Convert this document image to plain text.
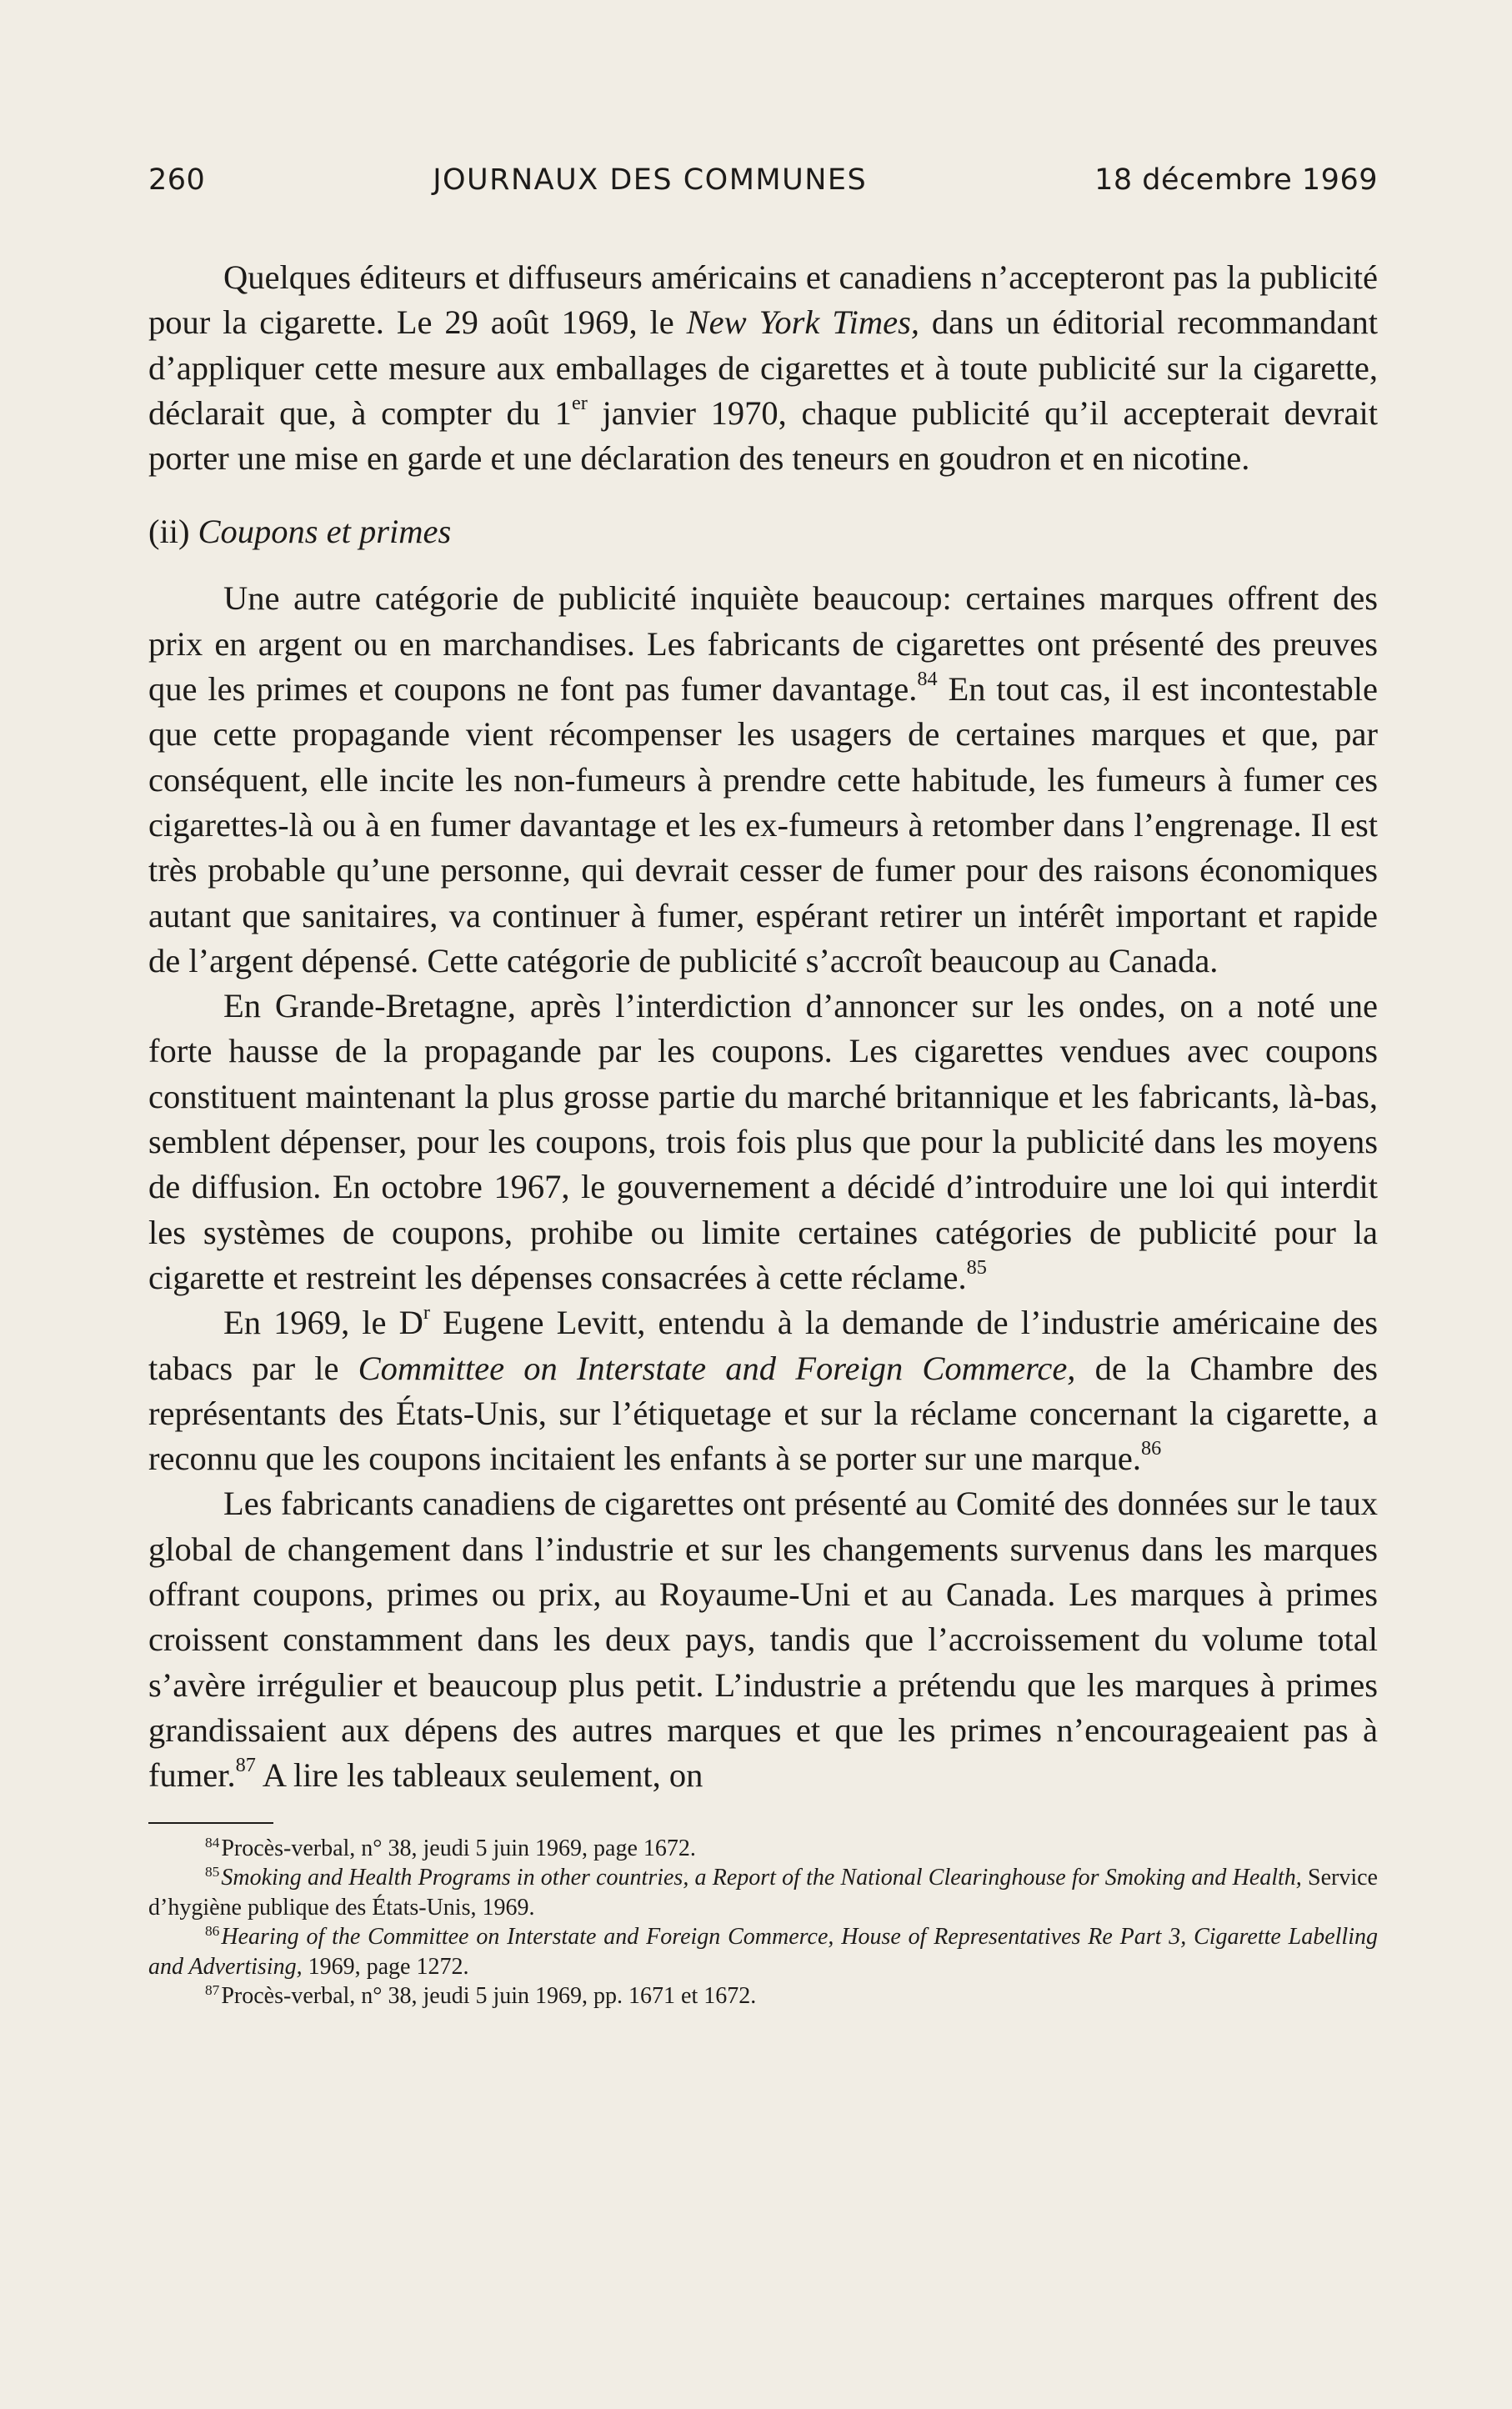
260	JOURNAUX DES COMMUNES	18 décembre 1969

Quelques éditeurs et diffuseurs américains et canadiens n’accepteront pas la publicité pour la cigarette. Le 29 août 1969, le New York Times, dans un éditorial recommandant d’appliquer cette mesure aux emballages de cigarettes et à toute publicité sur la cigarette, déclarait que, à compter du 1er janvier 1970, chaque publicité qu’il accepterait devrait porter une mise en garde et une déclaration des teneurs en goudron et en nicotine.

(ii) Coupons et primes

Une autre catégorie de publicité inquiète beaucoup: certaines marques offrent des prix en argent ou en marchandises. Les fabricants de cigarettes ont présenté des preuves que les primes et coupons ne font pas fumer davantage.$^{84}$ En tout cas, il est incontestable que cette propagande vient récompenser les usagers de certaines marques et que, par conséquent, elle incite les non-fumeurs à prendre cette habitude, les fumeurs à fumer ces cigarettes-là ou à en fumer davantage et les ex-fumeurs à retomber dans l’engrenage. Il est très probable qu’une personne, qui devrait cesser de fumer pour des raisons économiques autant que sanitaires, va continuer à fumer, espérant retirer un intérêt important et rapide de l’argent dépensé. Cette catégorie de publicité s’accroît beaucoup au Canada.

En Grande-Bretagne, après l’interdiction d’annoncer sur les ondes, on a noté une forte hausse de la propagande par les coupons. Les cigarettes vendues avec coupons constituent maintenant la plus grosse partie du marché britannique et les fabricants, là-bas, semblent dépenser, pour les coupons, trois fois plus que pour la publicité dans les moyens de diffusion. En octobre 1967, le gouvernement a décidé d’introduire une loi qui interdit les systèmes de coupons, prohibe ou limite certaines catégories de publicité pour la cigarette et restreint les dépenses consacrées à cette réclame.$^{85}$

En 1969, le $D^r$ Eugene Levitt, entendu à la demande de l’industrie américaine des tabacs par le Committee on Interstate and Foreign Commerce, de la Chambre des représentants des États-Unis, sur l’étiquetage et sur la réclame concernant la cigarette, a reconnu que les coupons incitaient les enfants à se porter sur une marque.$^{86}$

Les fabricants canadiens de cigarettes ont présenté au Comité des données sur le taux global de changement dans l’industrie et sur les changements survenus dans les marques offrant coupons, primes ou prix, au Royaume-Uni et au Canada. Les marques à primes croissent constamment dans les deux pays, tandis que l’accroissement du volume total s’avère irrégulier et beaucoup plus petit. L’industrie a prétendu que les marques à primes grandissaient aux dépens des autres marques et que les primes n’encourageaient pas à fumer.$^{87}$ A lire les tableaux seulement, on

$^{84}$Procès-verbal, n° 38, jeudi 5 juin 1969, page 1672.

$^{85}$Smoking and Health Programs in other countries, a Report of the National Clearinghouse for Smoking and Health, Service d’hygiène publique des États-Unis, 1969.

$^{86}$Hearing of the Committee on Interstate and Foreign Commerce, House of Representatives Re Part 3, Cigarette Labelling and Advertising, 1969, page 1272.

$^{87}$Procès-verbal, n° 38, jeudi 5 juin 1969, pp. 1671 et 1672.
